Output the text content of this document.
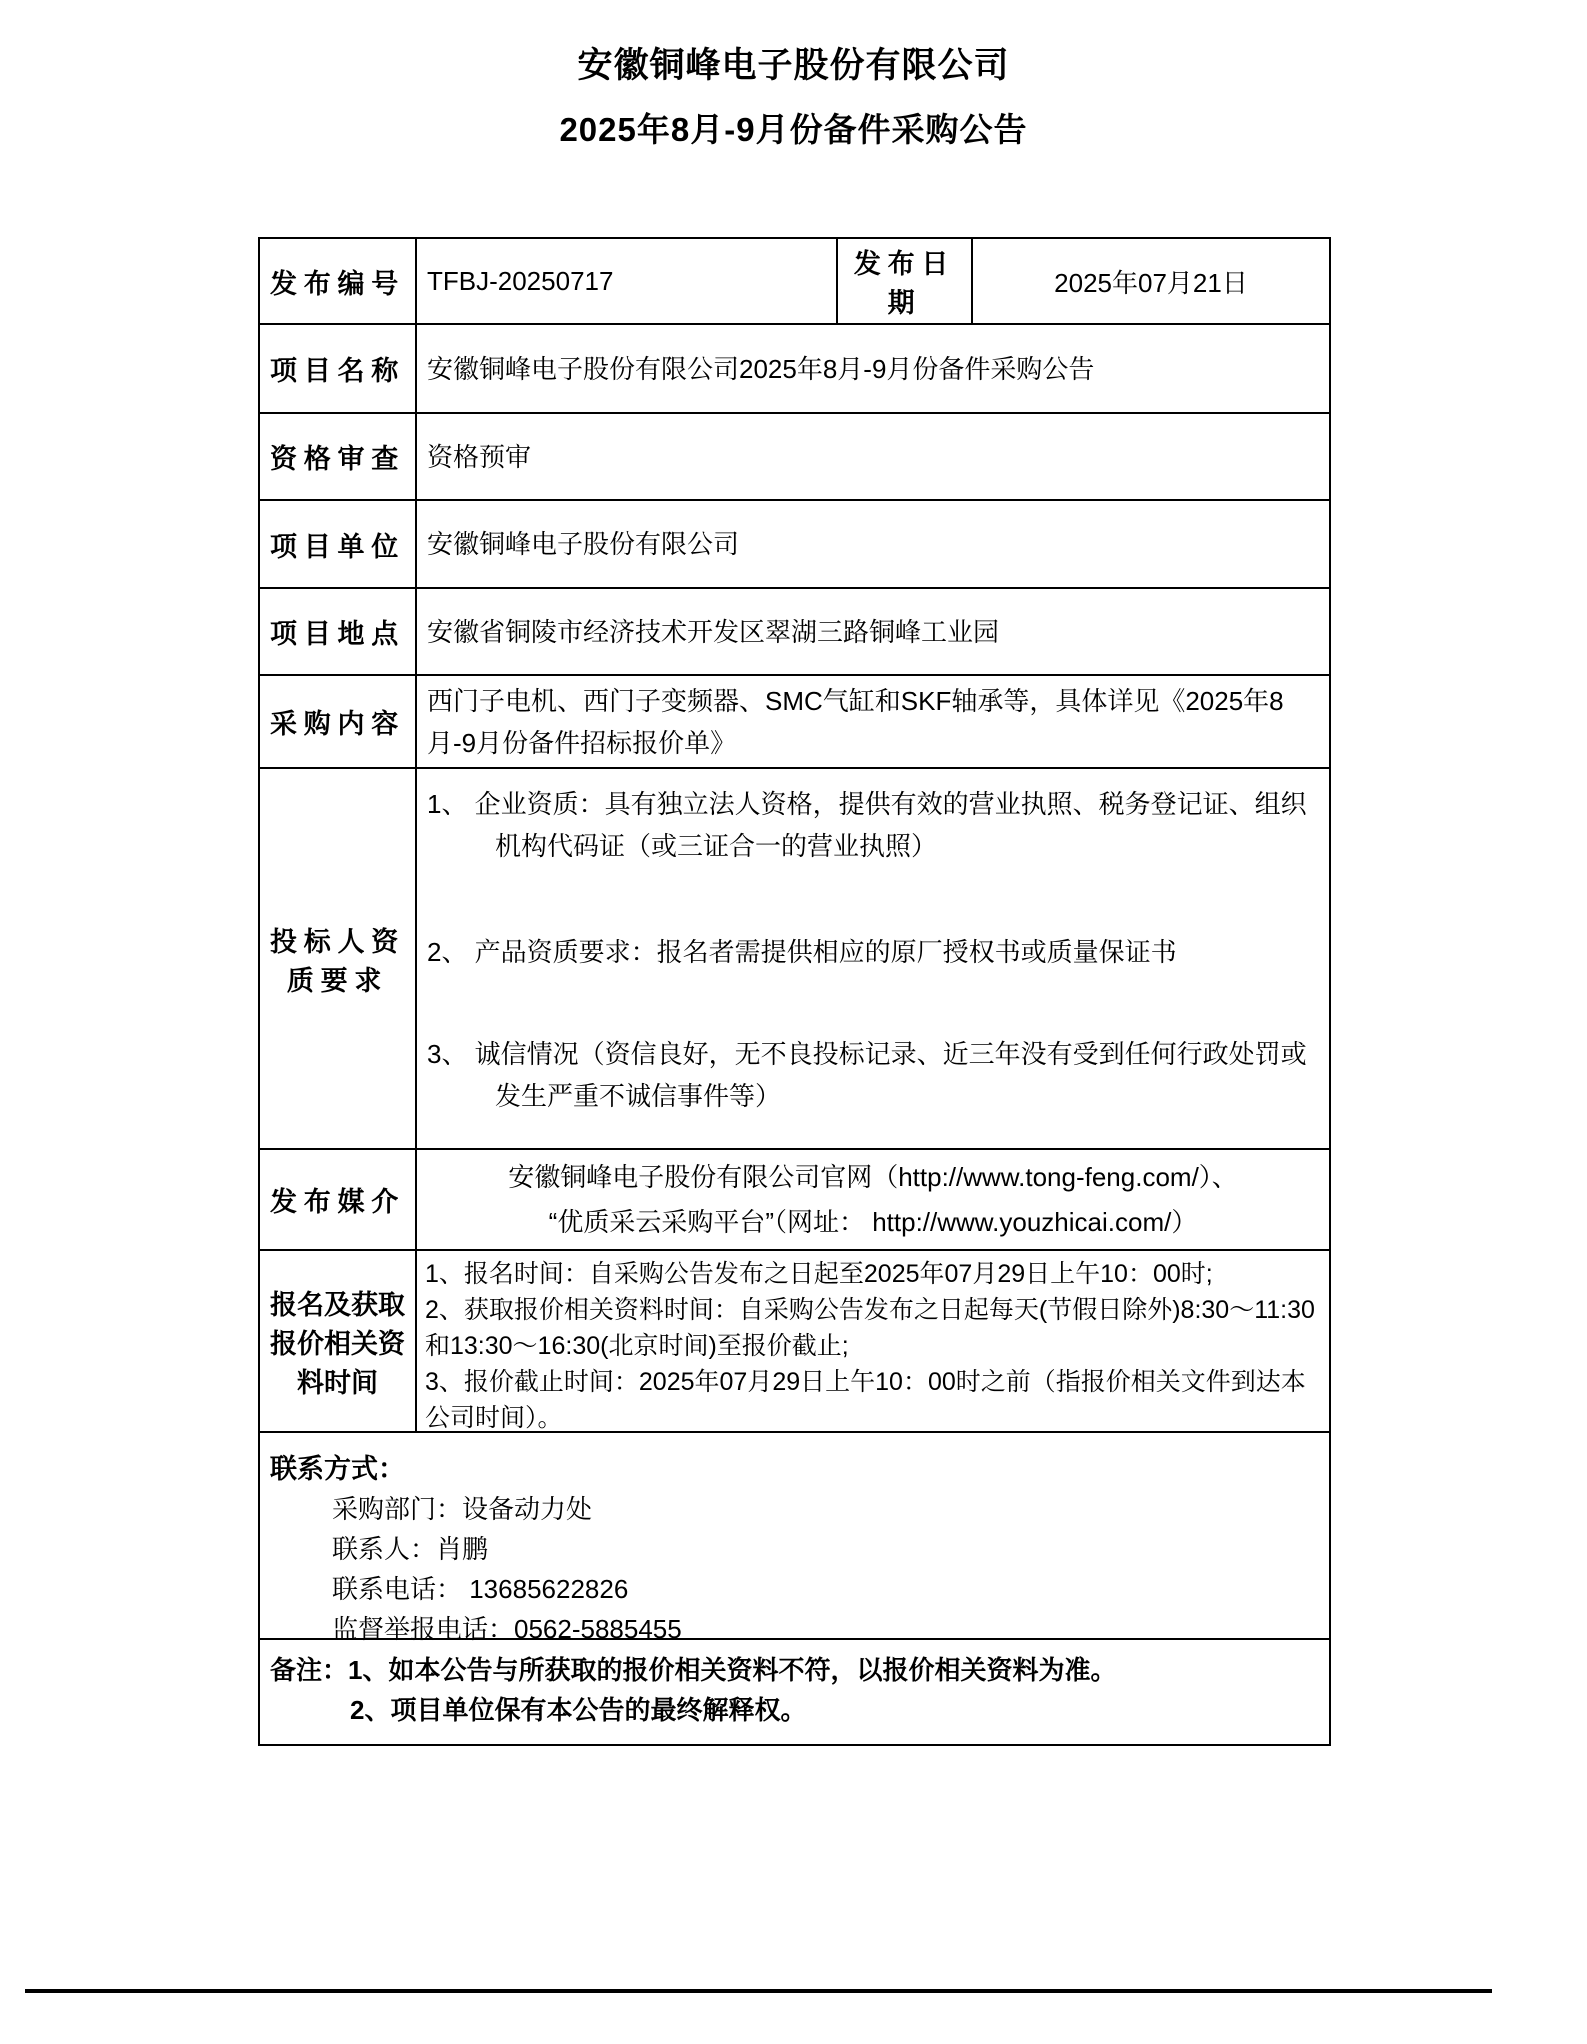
安徽铜峰电子股份有限公司
2025年8月-9月份备件采购公告
发布编号 TFBJ-20250717
发布日期
2025年07月21日
项目名称 安徽铜峰电子股份有限公司2025年8月-9月份备件采购公告
资格审查 资格预审
项目单位 安徽铜峰电子股份有限公司
项目地点 安徽省铜陵市经济技术开发区翠湖三路铜峰工业园
采购内容
西门子电机、西门子变频器、SMC气缸和SKF轴承等，具体详见《2025年8月-9月份备件招标报价单》
投标人资质要求
1、 企业资质：具有独立法人资格，提供有效的营业执照、税务登记证、组织机构代码证（或三证合一的营业执照）
2、 产品资质要求：报名者需提供相应的原厂授权书或质量保证书
3、 诚信情况（资信良好，无不良投标记录、近三年没有受到任何行政处罚或发生严重不诚信事件等）
发布媒介
安徽铜峰电子股份有限公司官网（http://www.tong-feng.com/）、
“优质采云采购平台”（网址： http://www.youzhicai.com/）
报名及获取报价相关资料时间
1、报名时间：自采购公告发布之日起至2025年07月29日上午10：00时;
2、获取报价相关资料时间：自采购公告发布之日起每天(节假日除外)8:30～11:30和13:30～16:30(北京时间)至报价截止;
3、报价截止时间：2025年07月29日上午10：00时之前（指报价相关文件到达本公司时间）。
联系方式：
采购部门：设备动力处
联系人：肖鹏
联系电话： 13685622826
监督举报电话：0562-5885455
备注：1、如本公告与所获取的报价相关资料不符，以报价相关资料为准。
2、项目单位保有本公告的最终解释权。
